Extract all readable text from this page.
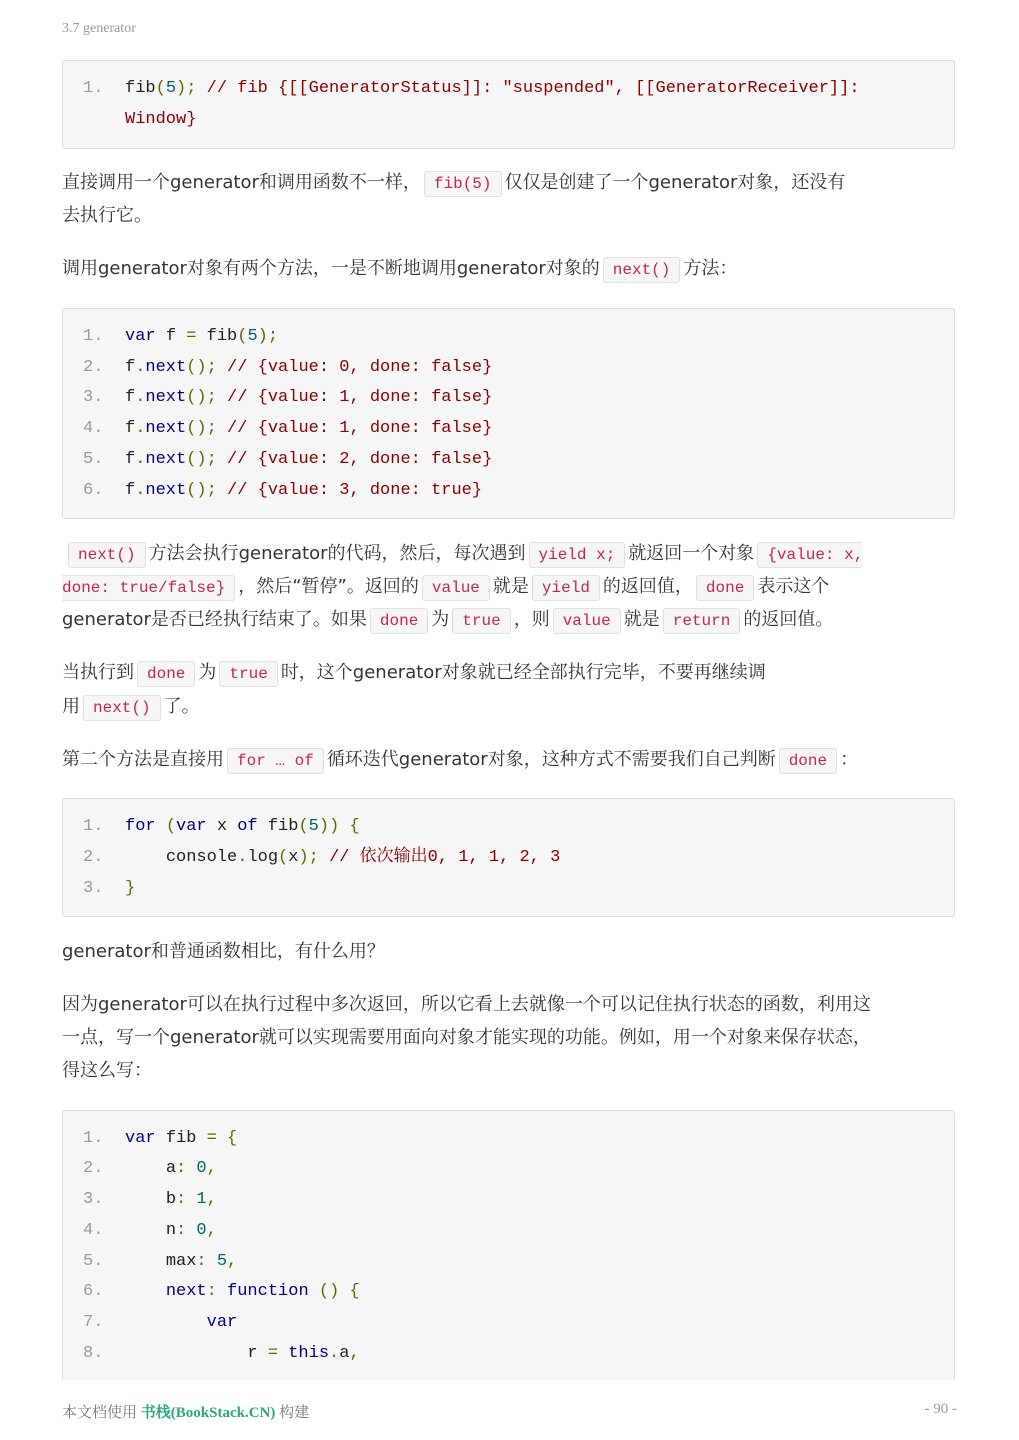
3.7 generator
1. fib(5); // fib {[[GeneratorStatus]]: "suspended", [[GeneratorReceiver]]:
Window}
直接调用一个generator和调用函数不一样， fib(5) 仅仅是创建了一个generator对象，还没有
去执行它。
调用generator对象有两个方法，一是不断地调用generator对象的 next() 方法：
1. var f = fib(5);
2. f.next(); // {value: 0, done: false}
3. f.next(); // {value: 1, done: false}
4. f.next(); // {value: 1, done: false}
5. f.next(); // {value: 2, done: false}
6. f.next(); // {value: 3, done: true}
next() 方法会执行generator的代码，然后，每次遇到 yield x; 就返回一个对象 {value: x,
done: true/false} ，然后“暂停”。返回的 value 就是 yield 的返回值， done 表示这个
generator是否已经执行结束了。如果 done 为 true ，则 value 就是 return 的返回值。
当执行到 done 为 true 时，这个generator对象就已经全部执行完毕，不要再继续调
用 next() 了。
第二个方法是直接用 for … of 循环迭代generator对象，这种方式不需要我们自己判断 done ：
1. for (var x of fib(5)) {
2.	console.log(x); // 依次输出0, 1, 1, 2, 3
3. }
generator和普通函数相比，有什么用？
因为generator可以在执行过程中多次返回，所以它看上去就像一个可以记住执行状态的函数，利用这
一点，写一个generator就可以实现需要用面向对象才能实现的功能。例如，用一个对象来保存状态，
得这么写：
1. var fib = {
2.	a: 0,
3.	b: 1,
4.	n: 0,
5.	max: 5,
6.	next: function () {
7.	var
8.	r = this.a,
本文档使用 书栈(BookStack.CN) 构建	- 90 -
